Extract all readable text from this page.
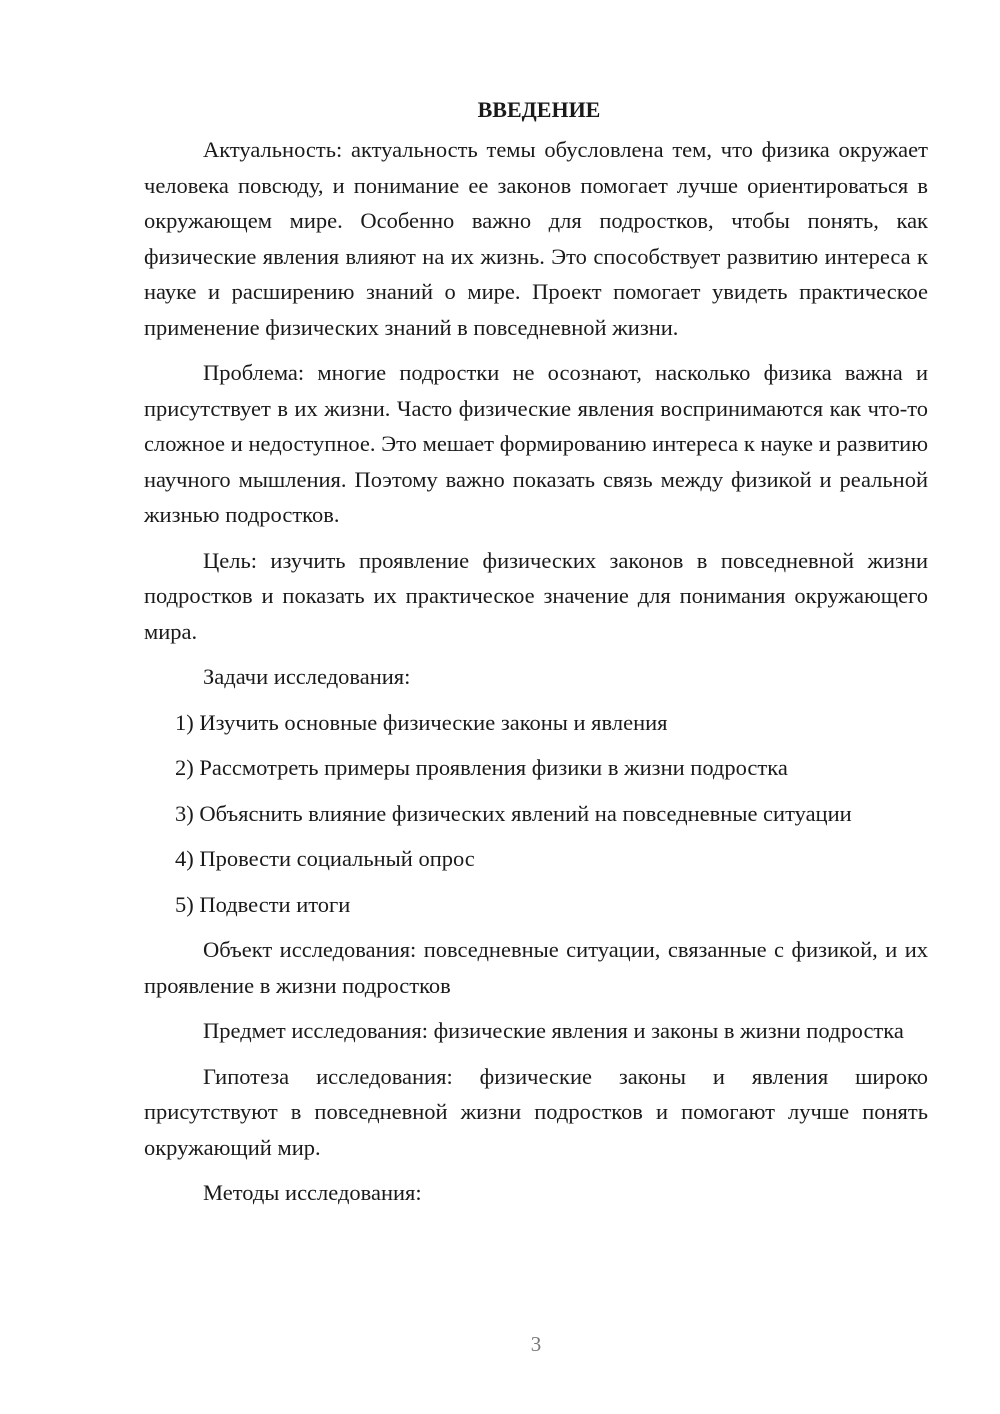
ВВЕДЕНИЕ

Актуальность: актуальность темы обусловлена тем, что физика окружает человека повсюду, и понимание ее законов помогает лучше ориентироваться в окружающем мире. Особенно важно для подростков, чтобы понять, как физические явления влияют на их жизнь. Это способствует развитию интереса к науке и расширению знаний о мире. Проект помогает увидеть практическое применение физических знаний в повседневной жизни.

Проблема: многие подростки не осознают, насколько физика важна и присутствует в их жизни. Часто физические явления воспринимаются как что-то сложное и недоступное. Это мешает формированию интереса к науке и развитию научного мышления. Поэтому важно показать связь между физикой и реальной жизнью подростков.

Цель: изучить проявление физических законов в повседневной жизни подростков и показать их практическое значение для понимания окружающего мира.

Задачи исследования:

1) Изучить основные физические законы и явления
2) Рассмотреть примеры проявления физики в жизни подростка
3) Объяснить влияние физических явлений на повседневные ситуации
4) Провести социальный опрос
5) Подвести итоги

Объект исследования: повседневные ситуации, связанные с физикой, и их проявление в жизни подростков

Предмет исследования: физические явления и законы в жизни подростка

Гипотеза исследования: физические законы и явления широко присутствуют в повседневной жизни подростков и помогают лучше понять окружающий мир.

Методы исследования:

3
